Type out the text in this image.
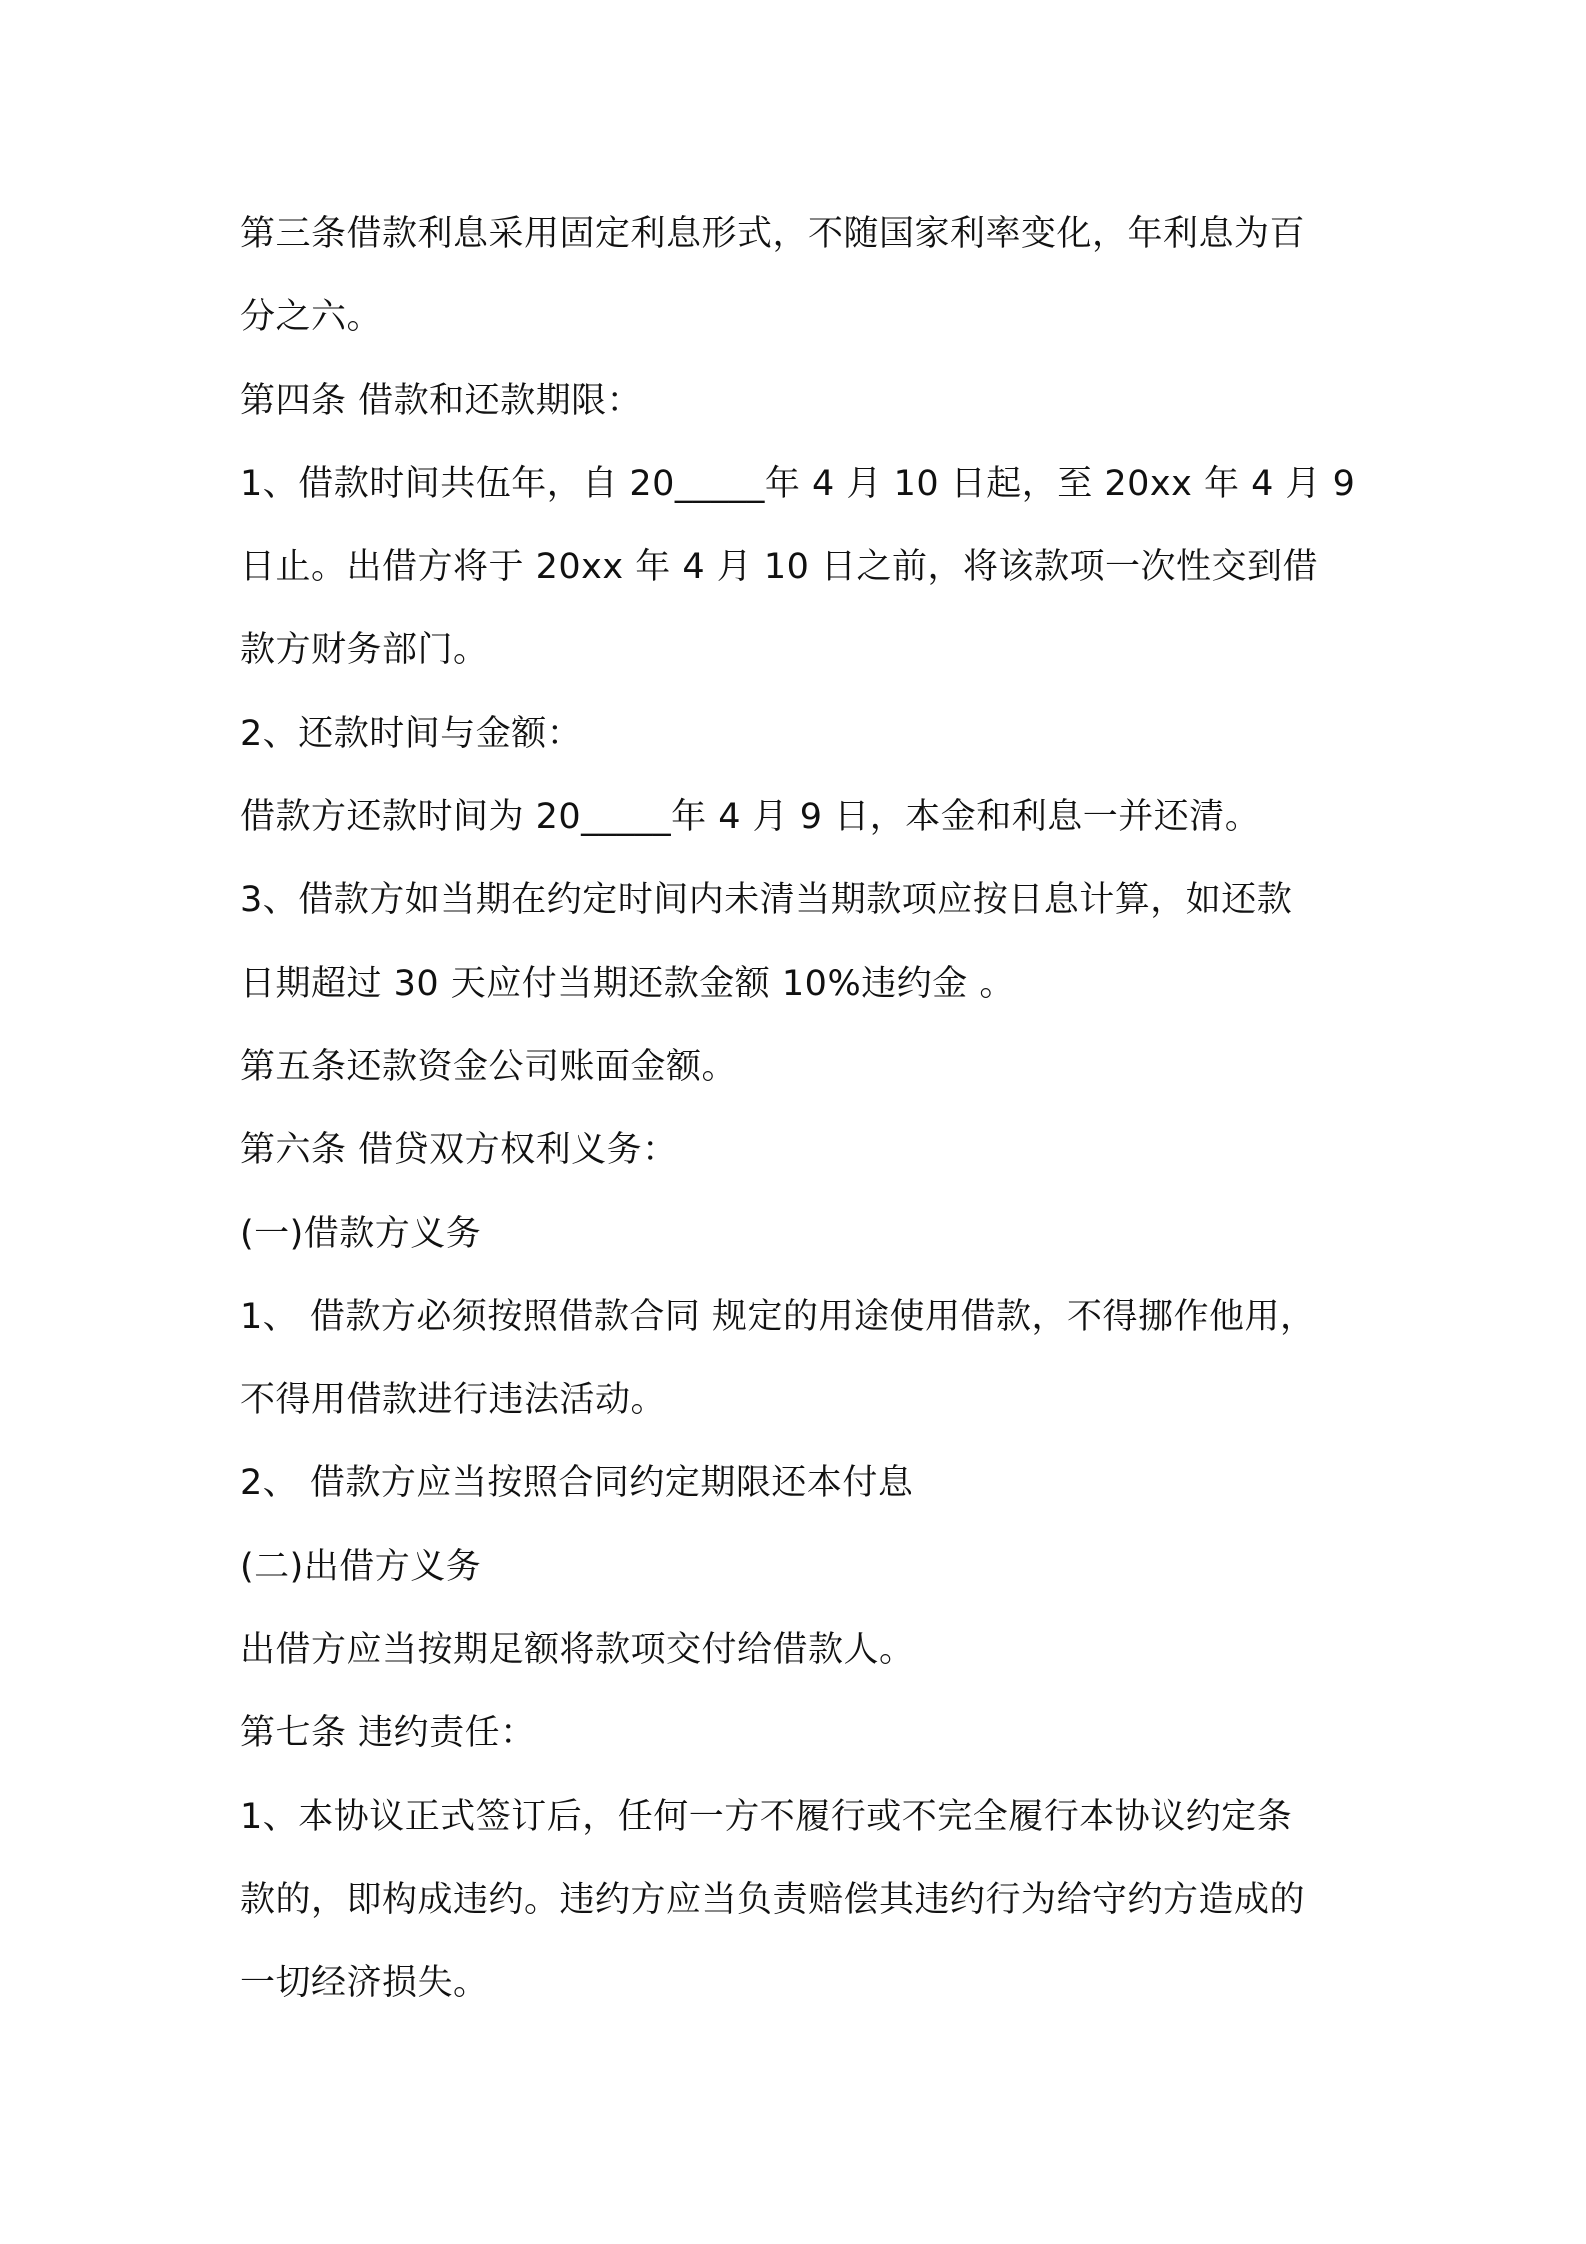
第三条借款利息采用固定利息形式，不随国家利率变化，年利息为百

分之六。

第四条 借款和还款期限：

1、借款时间共伍年，自 20_____年 4 月 10 日起，至 20xx 年 4 月 9

日止。出借方将于 20xx 年 4 月 10 日之前，将该款项一次性交到借

款方财务部门。

2、还款时间与金额：

借款方还款时间为 20_____年 4 月 9 日，本金和利息一并还清。

3、借款方如当期在约定时间内未清当期款项应按日息计算，如还款

日期超过 30 天应付当期还款金额 10%违约金 。

第五条还款资金公司账面金额。

第六条 借贷双方权利义务：

(一)借款方义务

1、 借款方必须按照借款合同 规定的用途使用借款，不得挪作他用，

不得用借款进行违法活动。

2、 借款方应当按照合同约定期限还本付息

(二)出借方义务

出借方应当按期足额将款项交付给借款人。

第七条 违约责任：

1、本协议正式签订后，任何一方不履行或不完全履行本协议约定条

款的，即构成违约。违约方应当负责赔偿其违约行为给守约方造成的

一切经济损失。
